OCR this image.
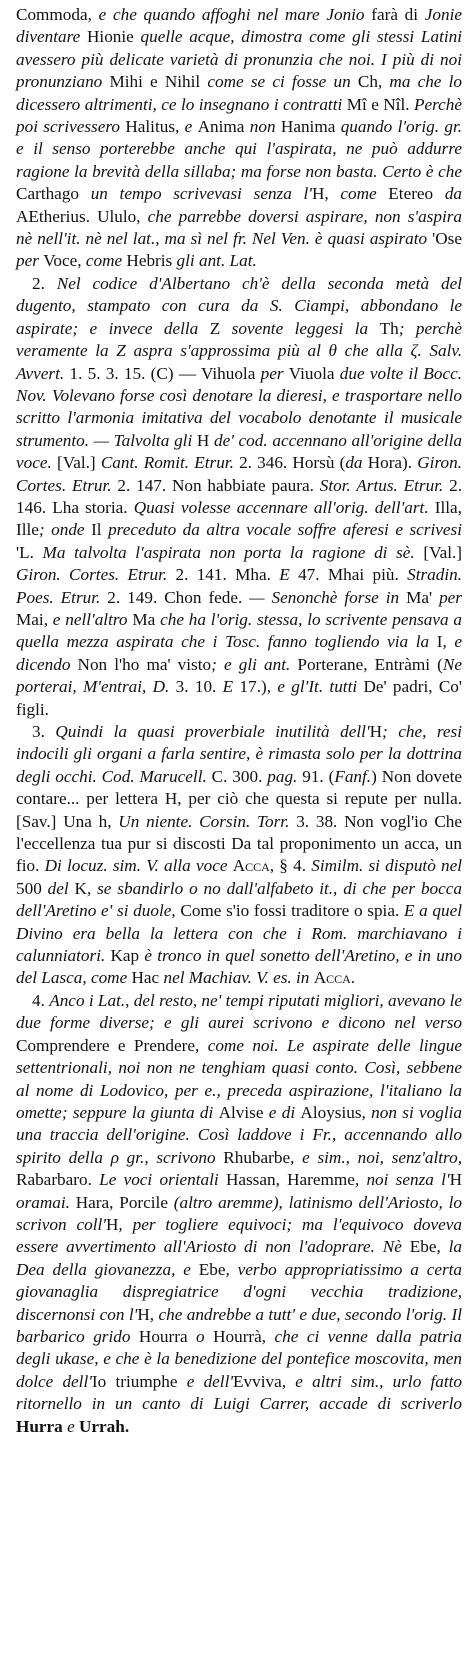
Commoda, e che quando affoghi nel mare Jonio farà di Jonie diventare Hionie quelle acque, dimostra come gli stessi Latini avessero più delicate varietà di pronunzia che noi. I più di noi pronunziano Mihi e Nihil come se ci fosse un Ch, ma che lo dicessero altrimenti, ce lo insegnano i contratti Mî e Nîl. Perchè poi scrivessero Halitus, e Anima non Hanima quando l'orig. gr. e il senso porterebbe anche qui l'aspirata, ne può addurre ragione la brevità della sillaba; ma forse non basta. Certo è che Carthago un tempo scrivevasi senza l'H, come Etereo da AEtherius. Ululo, che parrebbe doversi aspirare, non s'aspira nè nell'it. nè nel lat., ma sì nel fr. Nel Ven. è quasi aspirato 'Ose per Voce, come Hebris gli ant. Lat.

2. Nel codice d'Albertano ch'è della seconda metà del dugento, stampato con cura da S. Ciampi, abbondano le aspirate; e invece della Z sovente leggesi la Th; perchè veramente la Z aspra s'approssima più al θ che alla ζ. Salv. Avvert. 1. 5. 3. 15. (C) — Vihuola per Viuola due volte il Bocc. Nov. Volevano forse così denotare la dieresi, e trasportare nello scritto l'armonia imitativa del vocabolo denotante il musicale strumento. — Talvolta gli H de' cod. accennano all'origine della voce. [Val.] Cant. Romit. Etrur. 2. 346. Horsù (da Hora). Giron. Cortes. Etrur. 2. 147. Non habbiate paura. Stor. Artus. Etrur. 2. 146. Lha storia. Quasi volesse accennare all'orig. dell'art. Illa, Ille; onde Il preceduto da altra vocale soffre aferesi e scrivesi 'L. Ma talvolta l'aspirata non porta la ragione di sè. [Val.] Giron. Cortes. Etrur. 2. 141. Mha. E 47. Mhai più. Stradin. Poes. Etrur. 2. 149. Chon fede. — Senonchè forse in Ma' per Mai, e nell'altro Ma che ha l'orig. stessa, lo scrivente pensava a quella mezza aspirata che i Tosc. fanno togliendo via la I, e dicendo Non l'ho ma' visto; e gli ant. Porterane, Entràmi (Ne porterai, M'entrai, D. 3. 10. E 17.), e gl'It. tutti De' padri, Co' figli.

3. Quindi la quasi proverbiale inutilità dell'H; che, resi indocili gli organi a farla sentire, è rimasta solo per la dottrina degli occhi. Cod. Marucell. C. 300. pag. 91. (Fanf.) Non dovete contare... per lettera H, per ciò che questa si repute per nulla. [Sav.] Una h, Un niente. Corsin. Torr. 3. 38. Non vogl'io Che l'eccellenza tua pur si discosti Da tal proponimento un acca, un fio. Di locuz. sim. V. alla voce Acca, § 4. Similm. si disputò nel 500 del K, se sbandirlo o no dall'alfabeto it., di che per bocca dell'Aretino e' si duole, Come s'io fossi traditore o spia. E a quel Divino era bella la lettera con che i Rom. marchiavano i calunniatori. Kap è tronco in quel sonetto dell'Aretino, e in uno del Lasca, come Hac nel Machiav. V. es. in Acca.

4. Anco i Lat., del resto, ne' tempi riputati migliori, avevano le due forme diverse; e gli aurei scrivono e dicono nel verso Comprendere e Prendere, come noi. Le aspirate delle lingue settentrionali, noi non ne tenghiam quasi conto. Così, sebbene al nome di Lodovico, per e., preceda aspirazione, l'italiano la omette; seppure la giunta di Alvise e di Aloysius, non si voglia una traccia dell'origine. Così laddove i Fr., accennando allo spirito della ρ gr., scrivono Rhubarbe, e sim., noi, senz'altro, Rabarbaro. Le voci orientali Hassan, Haremme, noi senza l'H oramai. Hara, Porcile (altro aremme), latinismo dell'Ariosto, lo scrivon coll'H, per togliere equivoci; ma l'equivoco doveva essere avvertimento all'Ariosto di non l'adoprare. Nè Ebe, la Dea della giovanezza, e Ebe, verbo appropriatissimo a certa giovanaglia dispregiatrice d'ogni vecchia tradizione, discernonsi con l'H, che andrebbe a tutt' e due, secondo l'orig. Il barbarico grido Hourra o Hourrà, che ci venne dalla patria degli ukase, e che è la benedizione del pontefice moscovita, men dolce dell'Io triumphe e dell'Evviva, e altri sim., urlo fatto ritornello in un canto di Luigi Carrer, accade di scriverlo Hurra e Urrah.
